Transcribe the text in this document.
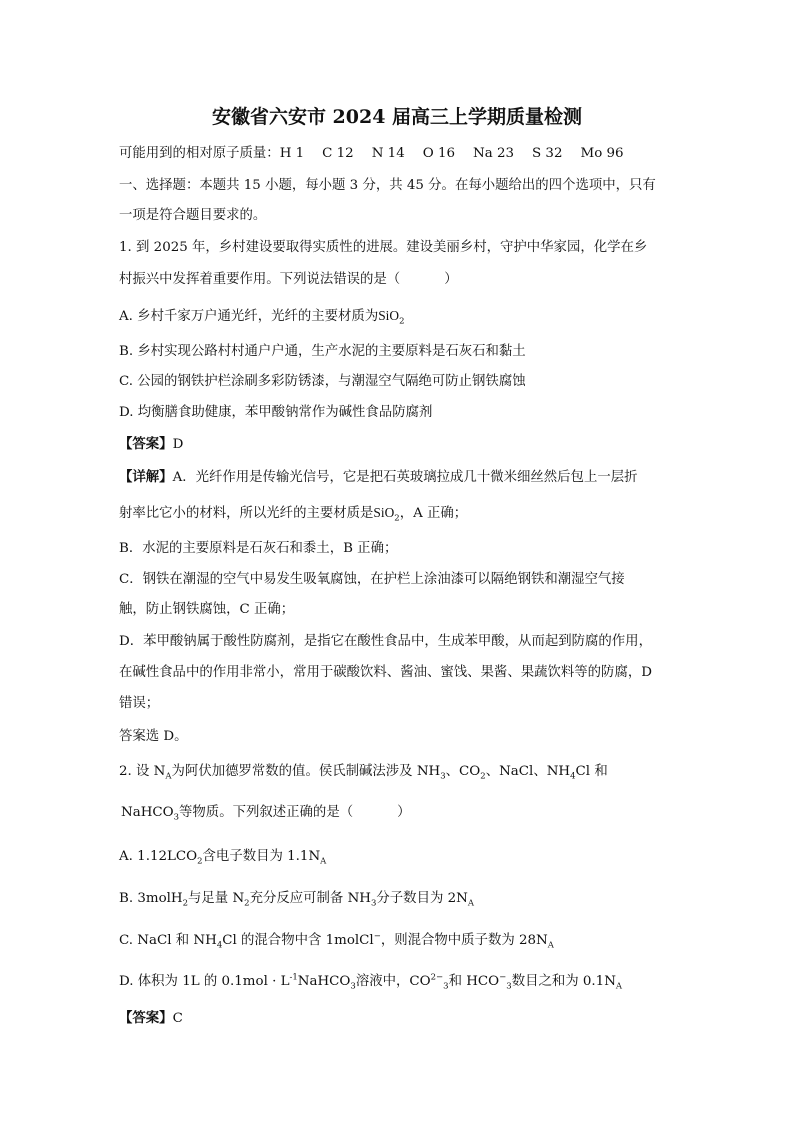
安徽省六安市 2024 届高三上学期质量检测
可能用到的相对原子质量：H 1 C 12 N 14 O 16 Na 23 S 32 Mo 96
一、选择题：本题共 15 小题，每小题 3 分，共 45 分。在每小题给出的四个选项中，只有
一项是符合题目要求的。
1. 到 2025 年，乡村建设要取得实质性的进展。建设美丽乡村，守护中华家园，化学在乡
村振兴中发挥着重要作用。下列说法错误的是（	）
A. 乡村千家万户通光纤，光纤的主要材质为SiO$_2$
B. 乡村实现公路村村通户户通，生产水泥的主要原料是石灰石和黏土
C. 公园的钢铁护栏涂刷多彩防锈漆，与潮湿空气隔绝可防止钢铁腐蚀
D. 均衡膳食助健康，苯甲酸钠常作为碱性食品防腐剂
【答案】D
【详解】A．光纤作用是传输光信号，它是把石英玻璃拉成几十微米细丝然后包上一层折
射率比它小的材料，所以光纤的主要材质是SiO$_2$，A 正确；
B．水泥的主要原料是石灰石和黍土，B 正确；
C．钢铁在潮湿的空气中易发生吸氧腐蚀，在护栏上涂油漆可以隔绝钢铁和潮湿空气接
触，防止钢铁腐蚀，C 正确；
D．苯甲酸钠属于酸性防腐剂，是指它在酸性食品中，生成苯甲酸，从而起到防腐的作用，
在碱性食品中的作用非常小，常用于碳酸饮料、酱油、蜜饯、果酱、果蔬饮料等的防腐，D
错误；
答案选 D。
2. 设 $N_A$为阿伏加德罗常数的值。侯氏制碱法涉及 $NH_3$、$CO_2$、NaCl、$NH_4Cl$ 和
NaHCO$_3$等物质。下列叙述正确的是（	）
A. $1.12LCO_2$含电子数目为 $1.1N_A$
B. 3molH$_2$与足量 $N_2$充分反应可制备 $NH_3$分子数目为 $2N_A$
C. NaCl 和 $NH_4Cl$ 的混合物中含 1molCl−，则混合物中质子数为 $28N_A$
D. 体积为 1L 的 $0.1mol \cdot L^{-1}NaHCO_3$溶液中，$CO^{2-}_3$和 $HCO^-_3$数目之和为 $0.1N_A$
【答案】C
